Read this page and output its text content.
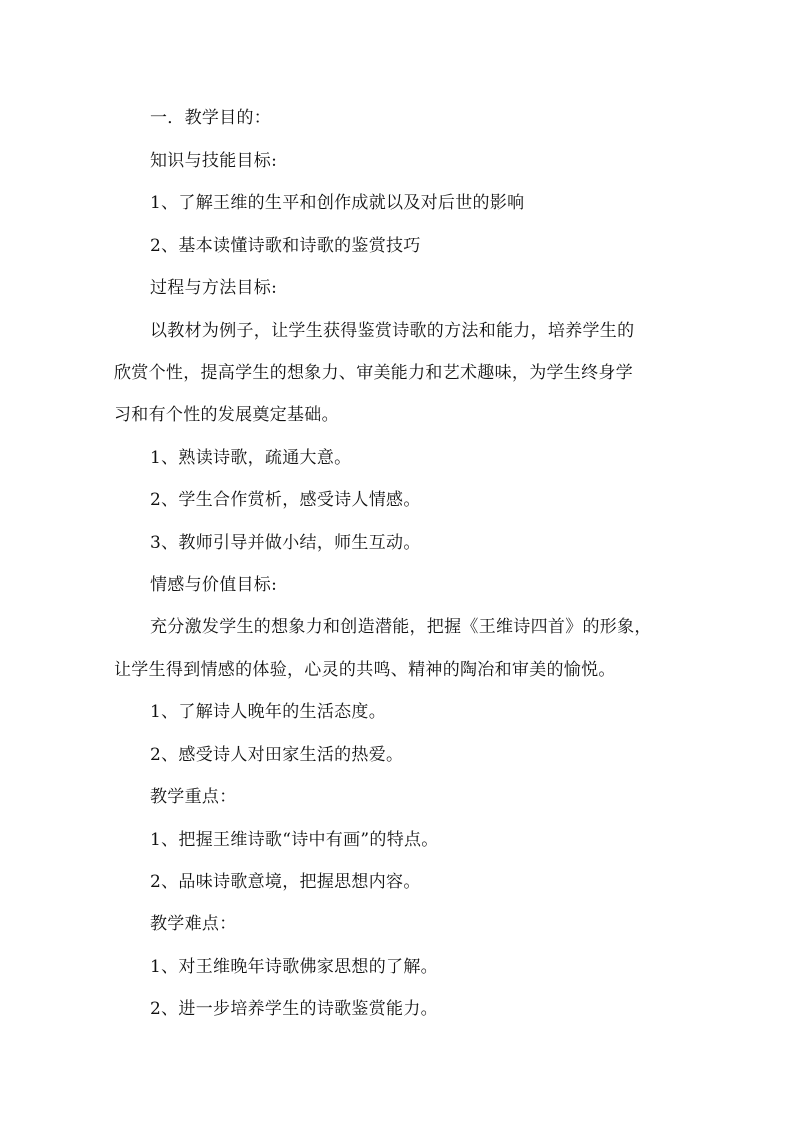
一．教学目的：
知识与技能目标:
1、了解王维的生平和创作成就以及对后世的影响
2、基本读懂诗歌和诗歌的鉴赏技巧
过程与方法目标:
以教材为例子，让学生获得鉴赏诗歌的方法和能力，培养学生的
欣赏个性，提高学生的想象力、审美能力和艺术趣味，为学生终身学
习和有个性的发展奠定基础。
1、熟读诗歌，疏通大意。
2、学生合作赏析，感受诗人情感。
3、教师引导并做小结，师生互动。
情感与价值目标:
充分激发学生的想象力和创造潜能，把握《王维诗四首》的形象，
让学生得到情感的体验，心灵的共鸣、精神的陶冶和审美的愉悦。
1、了解诗人晚年的生活态度。
2、感受诗人对田家生活的热爱。
教学重点：
1、把握王维诗歌“诗中有画”的特点。
2、品味诗歌意境，把握思想内容。
教学难点：
1、对王维晚年诗歌佛家思想的了解。
2、进一步培养学生的诗歌鉴赏能力。
